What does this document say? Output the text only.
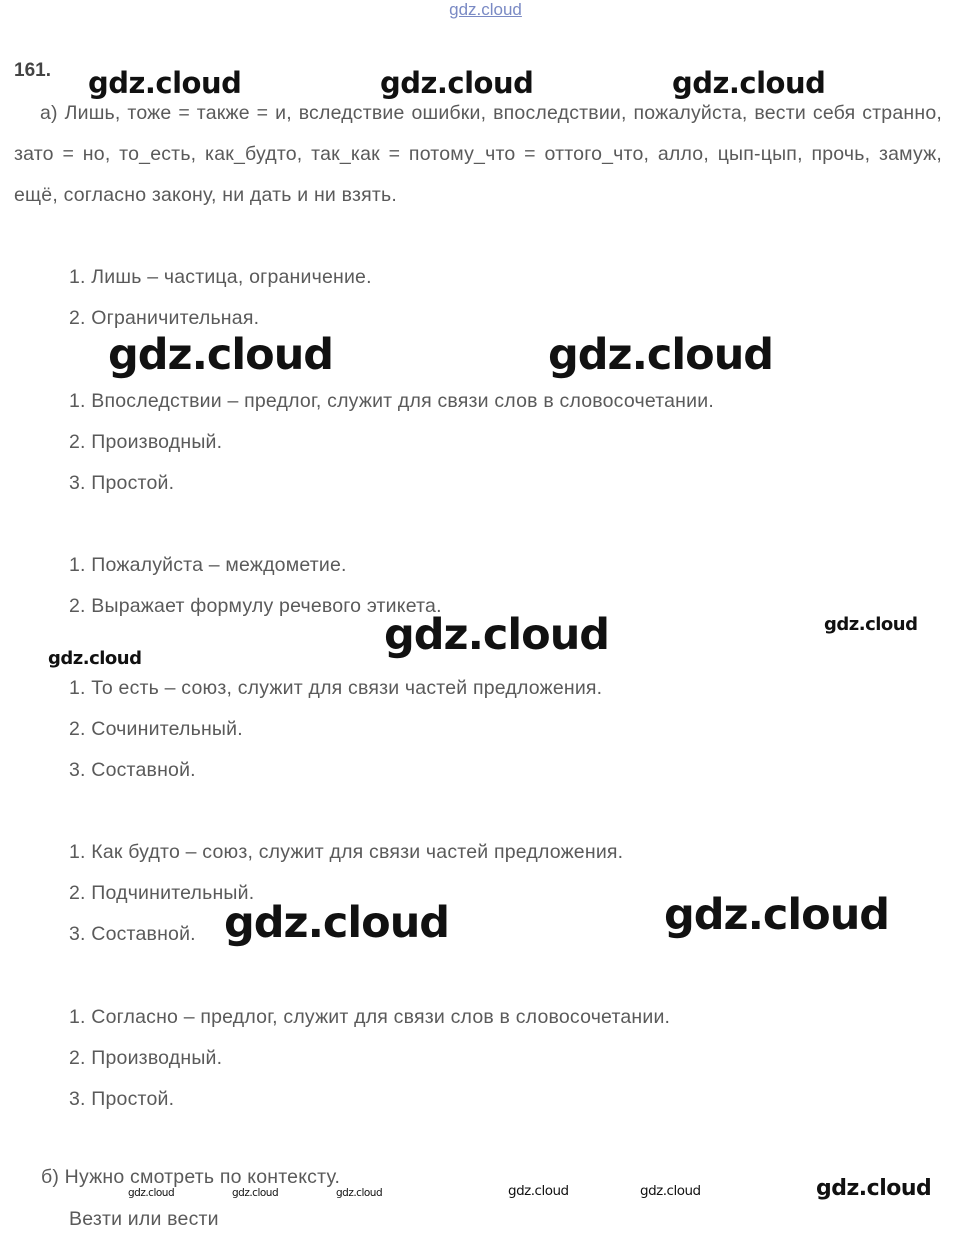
gdz.cloud
161.
а) Лишь, тоже = также = и, вследствие ошибки, впоследствии, пожалуйста, вести себя странно, зато = но, то_есть, как_будто, так_как = потому_что = оттого_что, алло, цып-цып, прочь, замуж, ещё, согласно закону, ни дать и ни взять.
1. Лишь – частица, ограничение.
2. Ограничительная.
1. Впоследствии – предлог, служит для связи слов в словосочетании.
2. Производный.
3. Простой.
1. Пожалуйста – междометие.
2. Выражает формулу речевого этикета.
1. То есть – союз, служит для связи частей предложения.
2. Сочинительный.
3. Составной.
1. Как будто – союз, служит для связи частей предложения.
2. Подчинительный.
3. Составной.
1. Согласно – предлог, служит для связи слов в словосочетании.
2. Производный.
3. Простой.
б) Нужно смотреть по контексту.
Везти или вести
gdz.cloud	gdz.cloud	gdz.cloud
gdz.cloud	gdz.cloud
gdz.cloud	gdz.cloud
gdz.cloud
gdz.cloud
gdz.cloud
gdz.cloud	gdz.cloud	gdz.cloud	gdz.cloud	gdz.cloud	gdz.cloud
